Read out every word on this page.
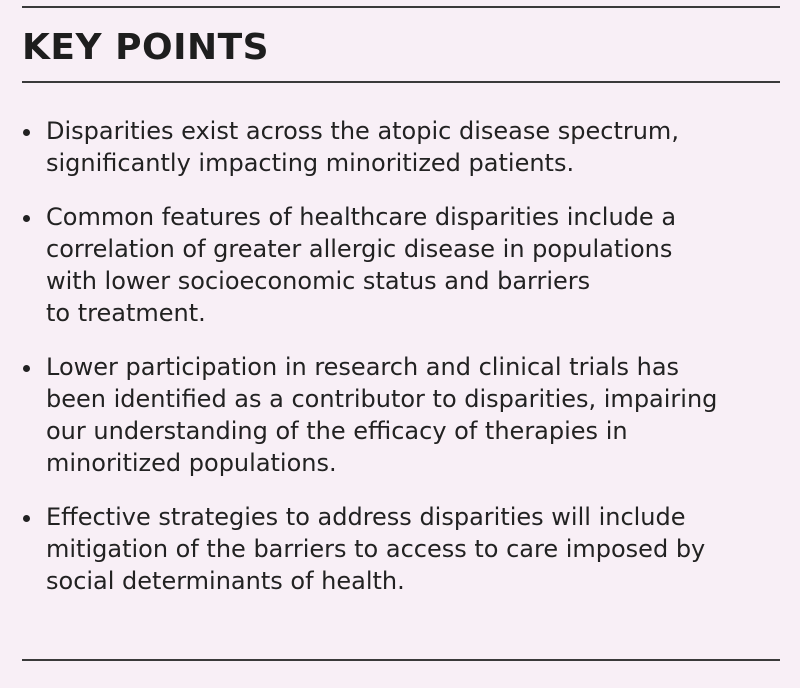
KEY POINTS
Disparities exist across the atopic disease spectrum,
significantly impacting minoritized patients.
Common features of healthcare disparities include a
correlation of greater allergic disease in populations
with lower socioeconomic status and barriers
to treatment.
Lower participation in research and clinical trials has
been identified as a contributor to disparities, impairing
our understanding of the efficacy of therapies in
minoritized populations.
Effective strategies to address disparities will include
mitigation of the barriers to access to care imposed by
social determinants of health.
